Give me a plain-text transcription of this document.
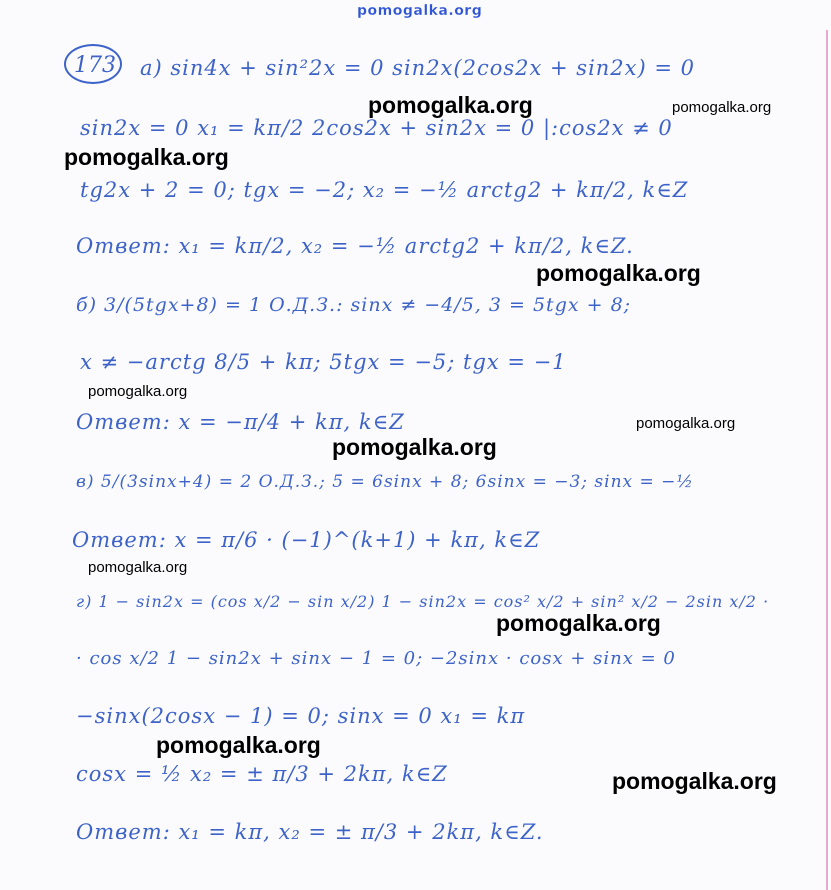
pomogalka.org
173 а) sin4x + sin²2x = 0 sin2x(2cos2x + sin2x) = 0
sin2x = 0 x₁ = kπ/2 2cos2x + sin2x = 0 |:cos2x ≠ 0
tg2x + 2 = 0; tgx = −2; x₂ = −½ arctg2 + kπ/2, k∈Z
Ответ: x₁ = kπ/2, x₂ = −½ arctg2 + kπ/2, k∈Z.
б) 3/(5tgx+8) = 1 О.Д.З.: sinx ≠ −4/5, 3 = 5tgx + 8;
x ≠ −arctg 8/5 + kπ; 5tgx = −5; tgx = −1
Ответ: x = −π/4 + kπ, k∈Z
в) 5/(3sinx+4) = 2 О.Д.З.; 5 = 6sinx + 8; 6sinx = −3; sinx = −½
Ответ: x = π/6 · (−1)^(k+1) + kπ, k∈Z
г) 1 − sin2x = (cos x/2 − sin x/2) 1 − sin2x = cos² x/2 + sin² x/2 − 2sin x/2 ·
· cos x/2 1 − sin2x + sinx − 1 = 0; −2sinx · cosx + sinx = 0
−sinx(2cosx − 1) = 0; sinx = 0 x₁ = kπ
cosx = ½ x₂ = ± π/3 + 2kπ, k∈Z
Ответ: x₁ = kπ, x₂ = ± π/3 + 2kπ, k∈Z.
pomogalka.org	pomogalka.org
pomogalka.org
pomogalka.org
pomogalka.org
pomogalka.org
pomogalka.org
pomogalka.org
pomogalka.org
pomogalka.org
pomogalka.org
